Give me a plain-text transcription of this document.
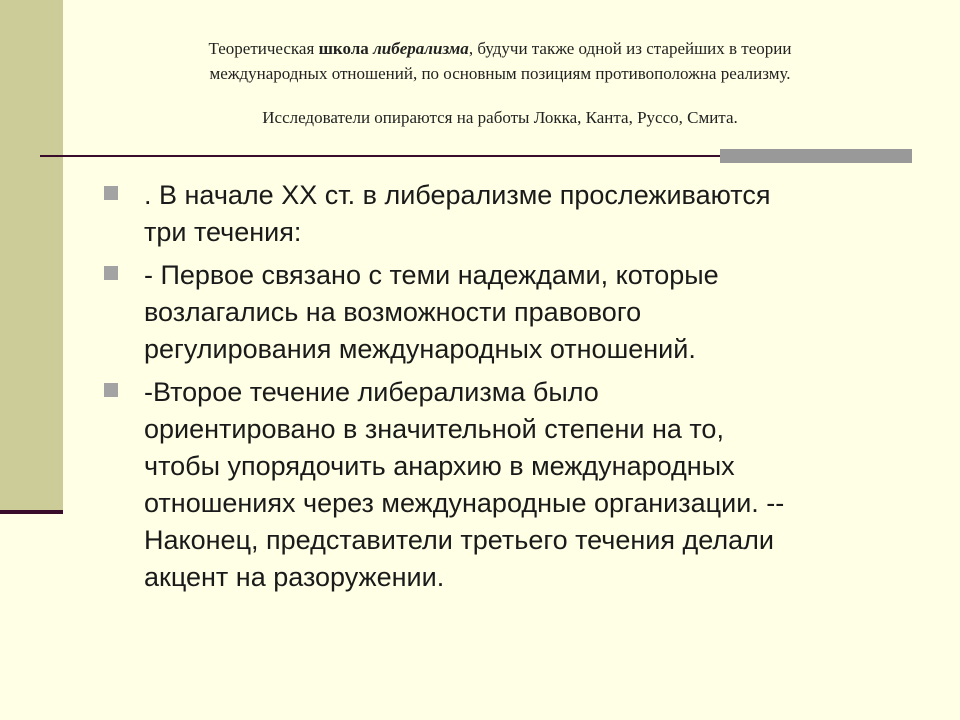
Теоретическая школа либерализма, будучи также одной из старейших в теории
международных отношений, по основным позициям противоположна реализму.
Исследователи опираются на работы Локка, Канта, Руссо, Смита.
. В начале XX ст. в либерализме прослеживаются
три течения:
- Первое связано с теми надеждами, которые
возлагались на возможности правового
регулирования международных отношений.
-Второе течение либерализма было
ориентировано в значительной степени на то,
чтобы упорядочить анархию в международных
отношениях через международные организации. --
Наконец, представители третьего течения делали
акцент на разоружении.
